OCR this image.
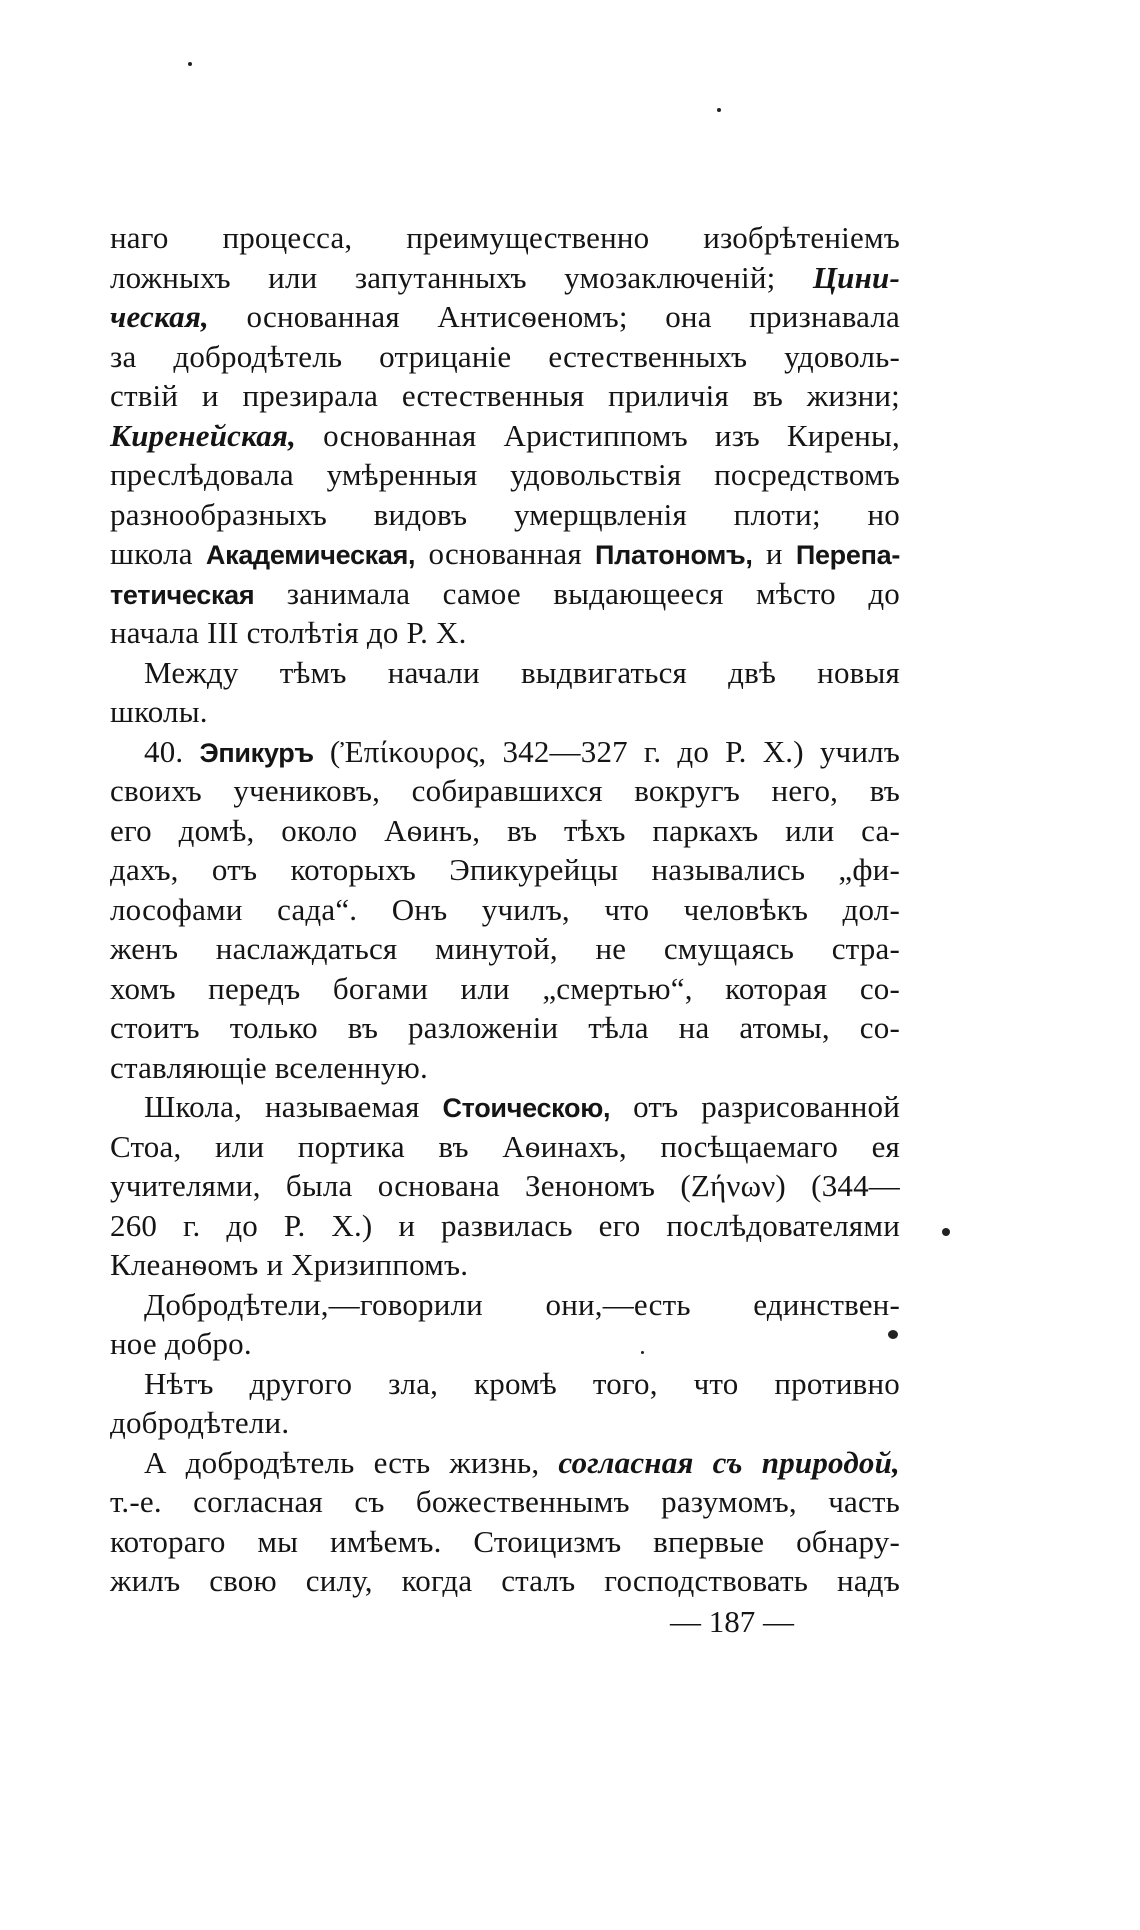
наго процесса, преимущественно изобрѣтеніемъ
ложныхъ или запутанныхъ умозаключеній; Цини-
ческая, основанная Антисѳеномъ; она признавала
за добродѣтель отрицаніе естественныхъ удоволь-
ствій и презирала естественныя приличія въ жизни;
Киренейская, основанная Аристиппомъ изъ Кирены,
преслѣдовала умѣренныя удовольствія посредствомъ
разнообразныхъ видовъ умерщвленія плоти; но
школа Академическая, основанная Платономъ, и Перепа-
тетическая занимала самое выдающееся мѣсто до
начала III столѣтія до Р. Х.
Между тѣмъ начали выдвигаться двѣ новыя
школы.
40. Эпикуръ (Ἐπίκουρος, 342—327 г. до Р. Х.) училъ
своихъ учениковъ, собиравшихся вокругъ него, въ
его домѣ, около Аѳинъ, въ тѣхъ паркахъ или са-
дахъ, отъ которыхъ Эпикурейцы назывались „фи-
лософами сада“. Онъ училъ, что человѣкъ дол-
женъ наслаждаться минутой, не смущаясь стра-
хомъ передъ богами или „смертью“, которая со-
стоитъ только въ разложеніи тѣла на атомы, со-
ставляющіе вселенную.
Школа, называемая Стоическою, отъ разрисованной
Стоа, или портика въ Аѳинахъ, посѣщаемаго ея
учителями, была основана Зенономъ (Ζήνων) (344—
260 г. до Р. Х.) и развилась его послѣдователями
Клеанѳомъ и Хризиппомъ.
Добродѣтели,—говорили они,—есть единствен-
ное добро.
Нѣтъ другого зла, кромѣ того, что противно
добродѣтели.
А добродѣтель есть жизнь, согласная съ природой,
т.-е. согласная съ божественнымъ разумомъ, часть
котораго мы имѣемъ. Стоицизмъ впервые обнару-
жилъ свою силу, когда сталъ господствовать надъ
— 187 —
